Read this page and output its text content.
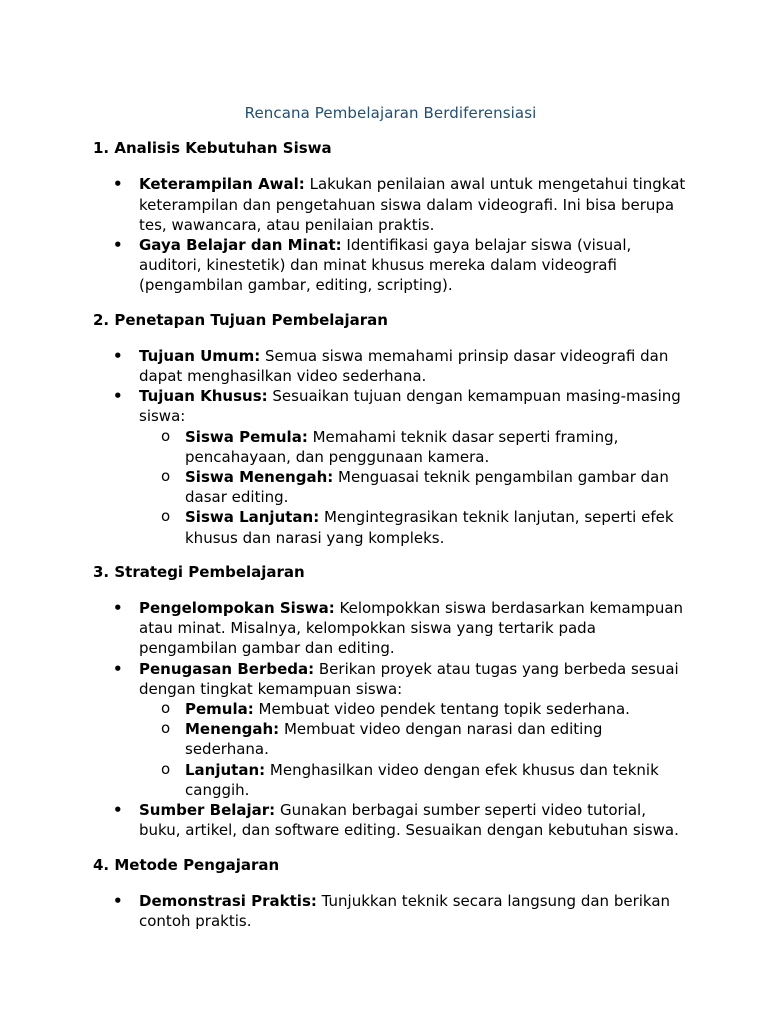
Rencana Pembelajaran Berdiferensiasi
1. Analisis Kebutuhan Siswa
• Keterampilan Awal: Lakukan penilaian awal untuk mengetahui tingkat keterampilan dan pengetahuan siswa dalam videografi. Ini bisa berupa tes, wawancara, atau penilaian praktis.
• Gaya Belajar dan Minat: Identifikasi gaya belajar siswa (visual, auditori, kinestetik) dan minat khusus mereka dalam videografi (pengambilan gambar, editing, scripting).
2. Penetapan Tujuan Pembelajaran
• Tujuan Umum: Semua siswa memahami prinsip dasar videografi dan dapat menghasilkan video sederhana.
• Tujuan Khusus: Sesuaikan tujuan dengan kemampuan masing-masing siswa:
o Siswa Pemula: Memahami teknik dasar seperti framing, pencahayaan, dan penggunaan kamera.
o Siswa Menengah: Menguasai teknik pengambilan gambar dan dasar editing.
o Siswa Lanjutan: Mengintegrasikan teknik lanjutan, seperti efek khusus dan narasi yang kompleks.
3. Strategi Pembelajaran
• Pengelompokan Siswa: Kelompokkan siswa berdasarkan kemampuan atau minat. Misalnya, kelompokkan siswa yang tertarik pada pengambilan gambar dan editing.
• Penugasan Berbeda: Berikan proyek atau tugas yang berbeda sesuai dengan tingkat kemampuan siswa:
o Pemula: Membuat video pendek tentang topik sederhana.
o Menengah: Membuat video dengan narasi dan editing sederhana.
o Lanjutan: Menghasilkan video dengan efek khusus dan teknik canggih.
• Sumber Belajar: Gunakan berbagai sumber seperti video tutorial, buku, artikel, dan software editing. Sesuaikan dengan kebutuhan siswa.
4. Metode Pengajaran
• Demonstrasi Praktis: Tunjukkan teknik secara langsung dan berikan contoh praktis.
